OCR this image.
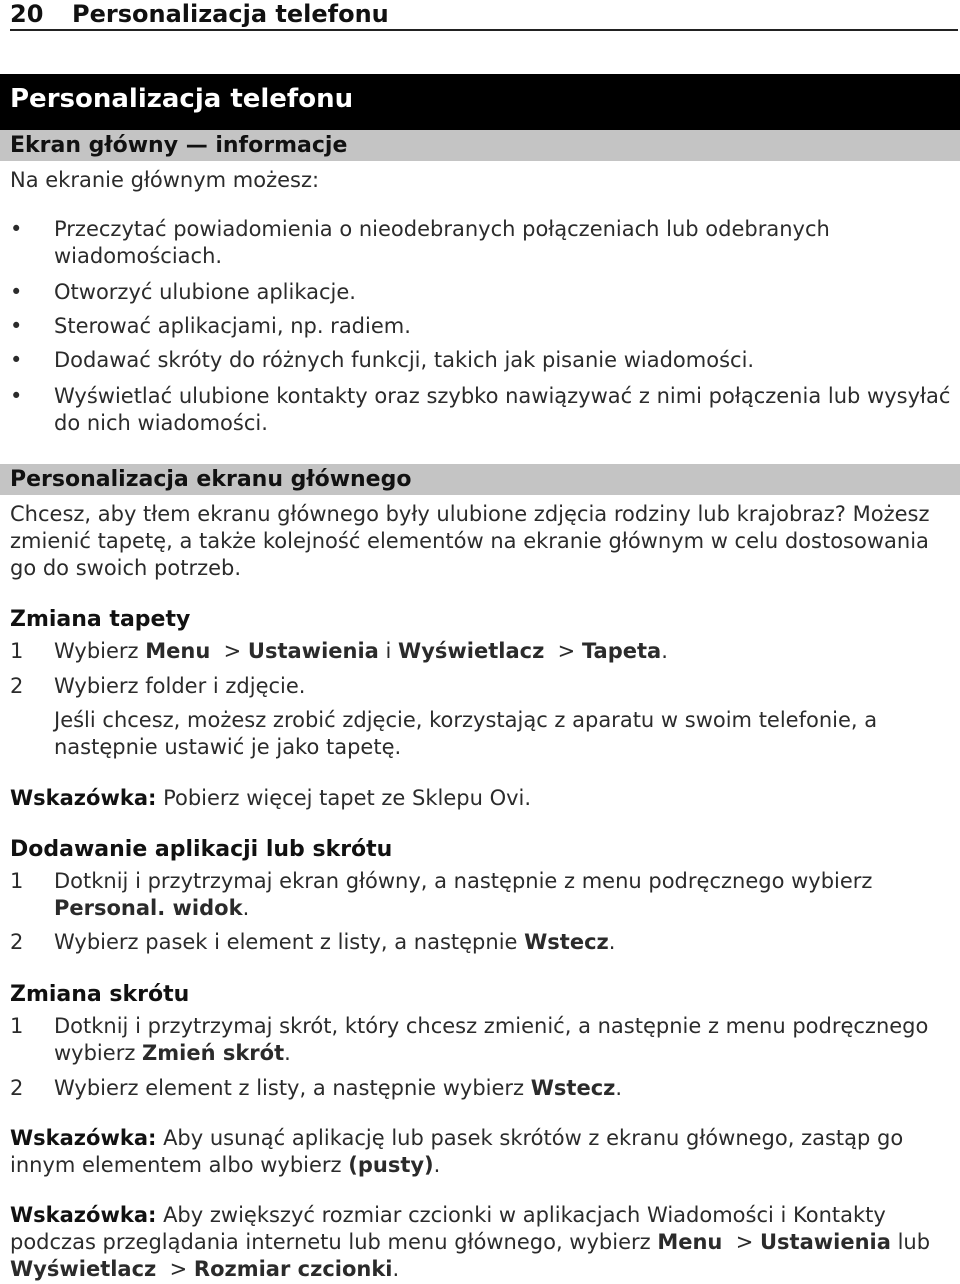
20	Personalizacja telefonu
Personalizacja telefonu
Ekran główny — informacje

Na ekranie głównym możesz:

•	Przeczytać powiadomienia o nieodebranych połączeniach lub odebranych wiadomościach.
•	Otworzyć ulubione aplikacje.
•	Sterować aplikacjami, np. radiem.
•	Dodawać skróty do różnych funkcji, takich jak pisanie wiadomości.
•	Wyświetlać ulubione kontakty oraz szybko nawiązywać z nimi połączenia lub wysyłać do nich wiadomości.
Personalizacja ekranu głównego

Chcesz, aby tłem ekranu głównego były ulubione zdjęcia rodziny lub krajobraz? Możesz zmienić tapetę, a także kolejność elementów na ekranie głównym w celu dostosowania go do swoich potrzeb.

Zmiana tapety
1	Wybierz Menu  > Ustawienia i Wyświetlacz  > Tapeta.
2	Wybierz folder i zdjęcie.
Jeśli chcesz, możesz zrobić zdjęcie, korzystając z aparatu w swoim telefonie, a następnie ustawić je jako tapetę.

Wskazówka: Pobierz więcej tapet ze Sklepu Ovi.

Dodawanie aplikacji lub skrótu
1	Dotknij i przytrzymaj ekran główny, a następnie z menu podręcznego wybierz Personal. widok.
2	Wybierz pasek i element z listy, a następnie Wstecz.
Zmiana skrótu
1	Dotknij i przytrzymaj skrót, który chcesz zmienić, a następnie z menu podręcznego wybierz Zmień skrót.
2	Wybierz element z listy, a następnie wybierz Wstecz.

Wskazówka: Aby usunąć aplikację lub pasek skrótów z ekranu głównego, zastąp go innym elementem albo wybierz (pusty).

Wskazówka: Aby zwiększyć rozmiar czcionki w aplikacjach Wiadomości i Kontakty podczas przeglądania internetu lub menu głównego, wybierz Menu  > Ustawienia lub Wyświetlacz  > Rozmiar czcionki.
